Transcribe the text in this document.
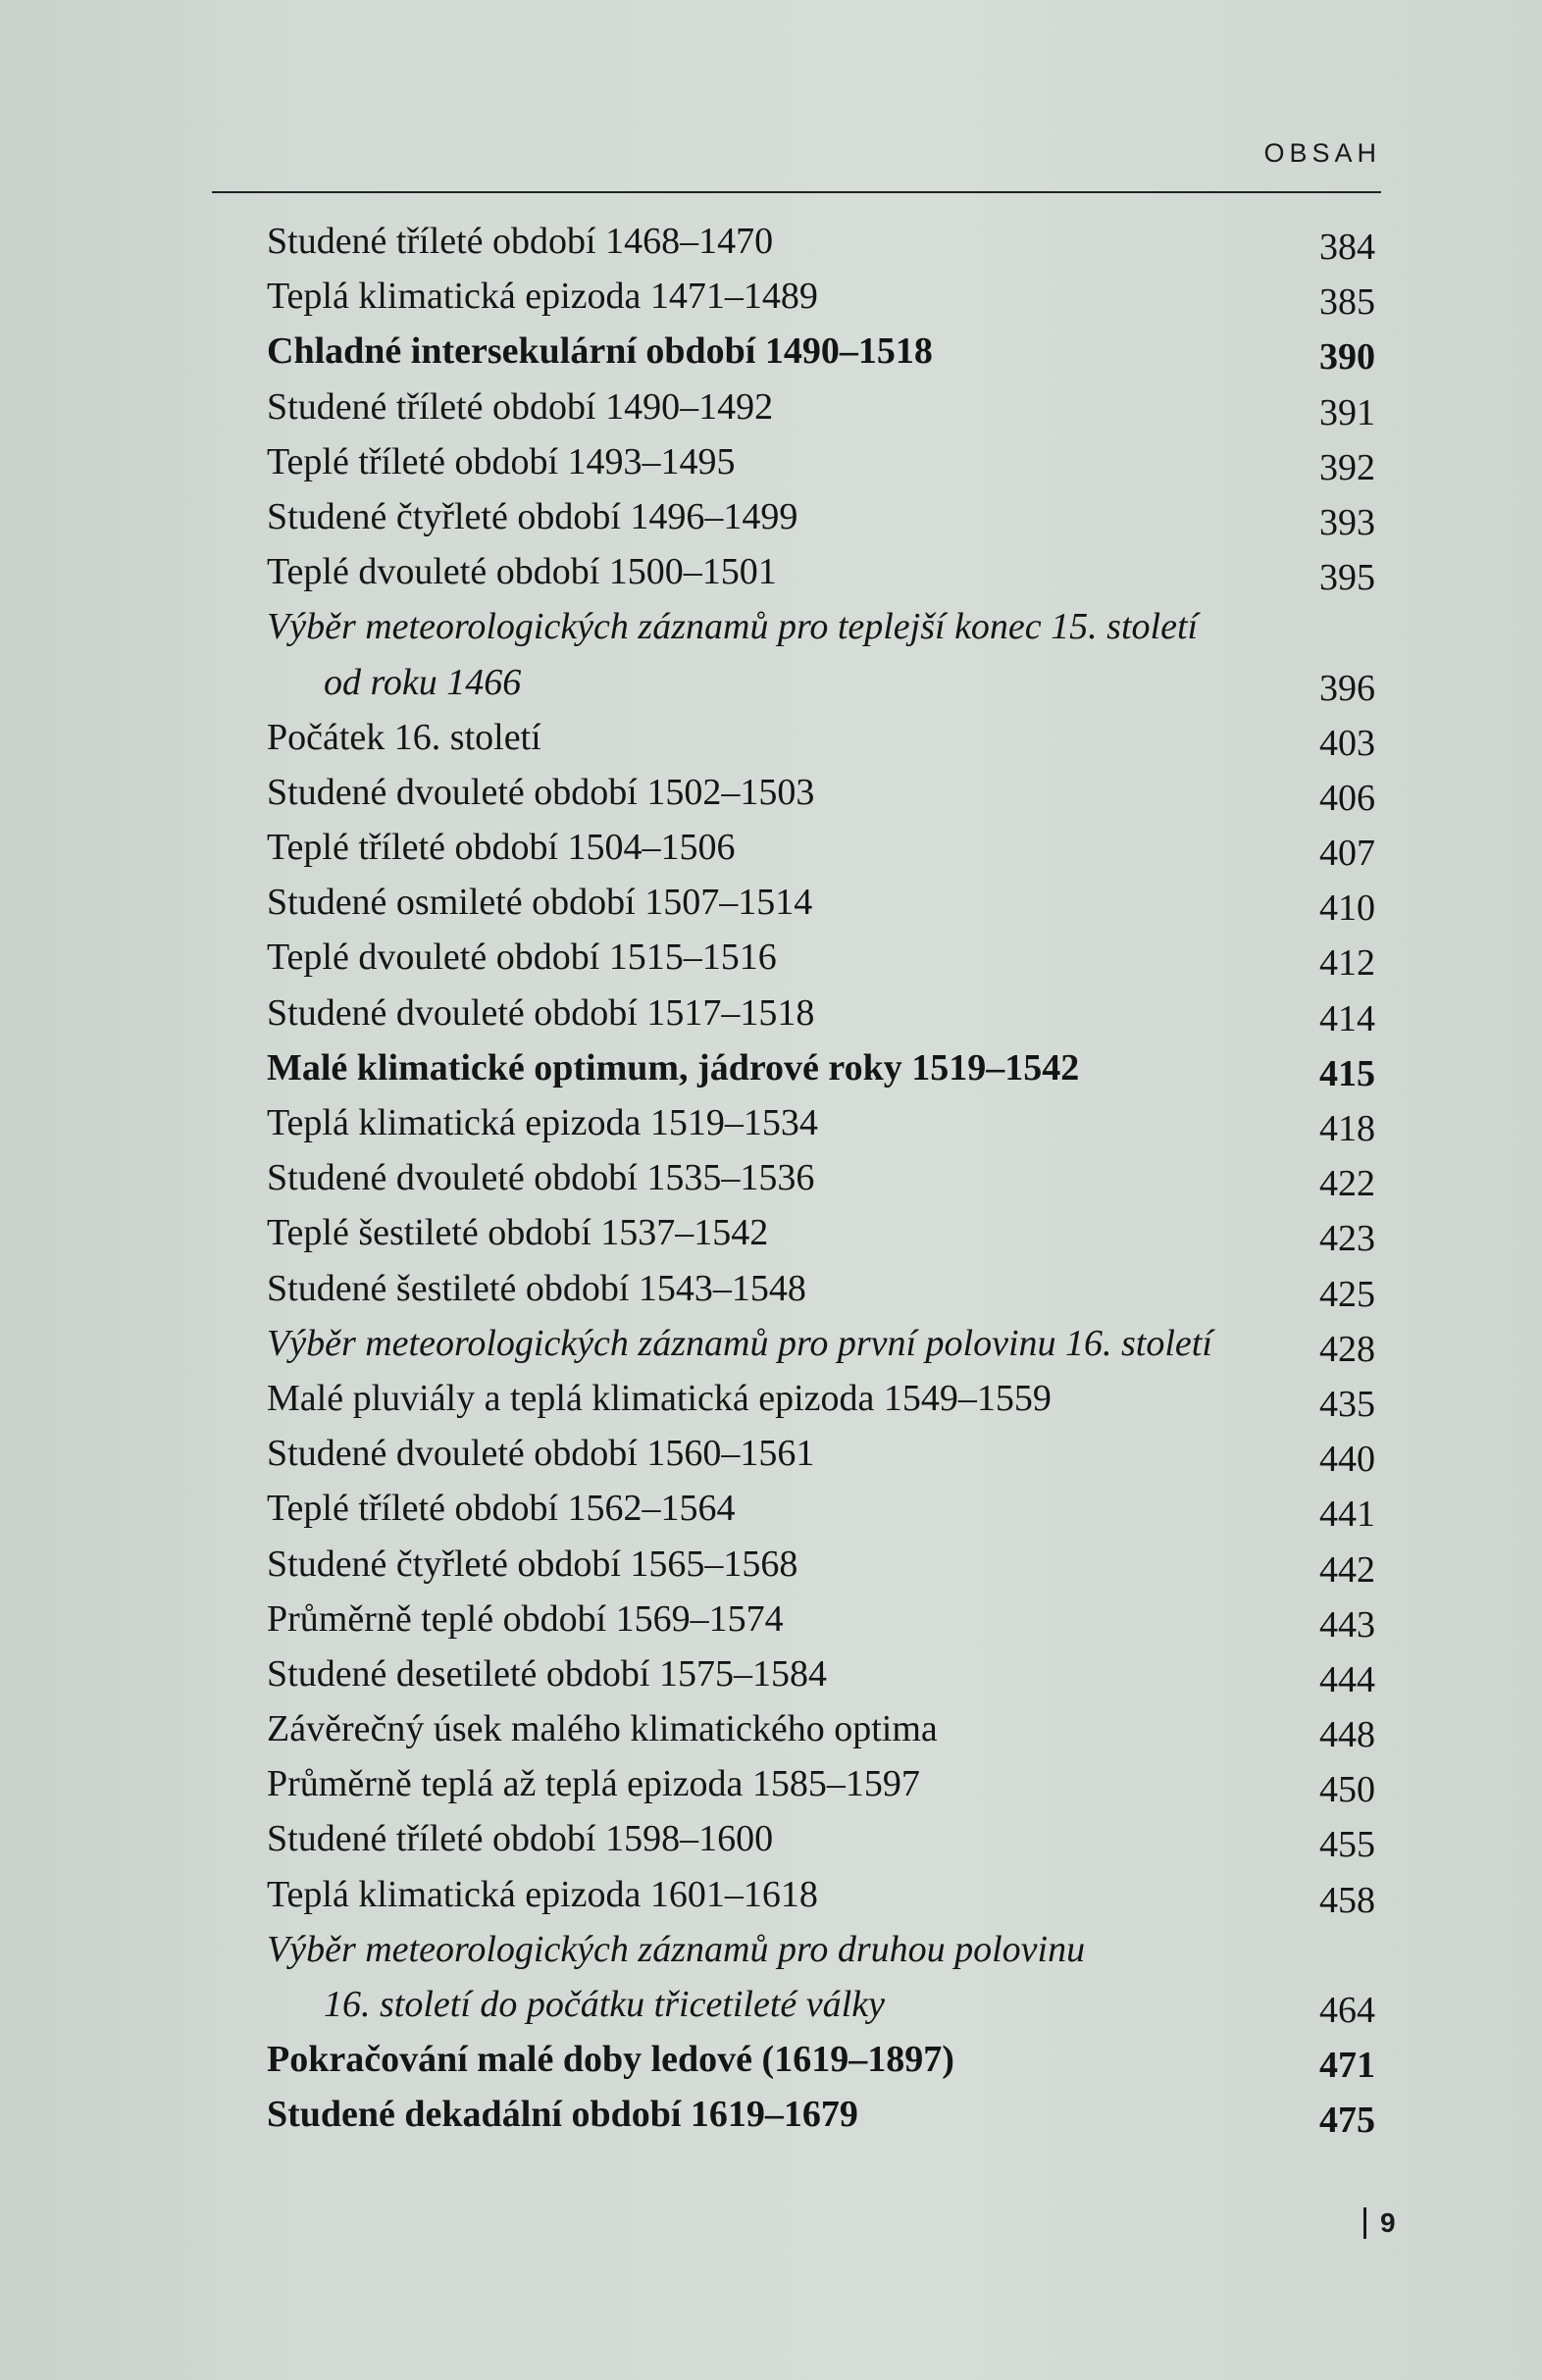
OBSAH
Studené tříleté období 1468–1470	384
Teplá klimatická epizoda 1471–1489	385
Chladné intersekulární období 1490–1518	390
Studené tříleté období 1490–1492	391
Teplé tříleté období 1493–1495	392
Studené čtyřleté období 1496–1499	393
Teplé dvouleté období 1500–1501	395
Výběr meteorologických záznamů pro teplejší konec 15. století
od roku 1466	396
Počátek 16. století	403
Studené dvouleté období 1502–1503	406
Teplé tříleté období 1504–1506	407
Studené osmileté období 1507–1514	410
Teplé dvouleté období 1515–1516	412
Studené dvouleté období 1517–1518	414
Malé klimatické optimum, jádrové roky 1519–1542	415
Teplá klimatická epizoda 1519–1534	418
Studené dvouleté období 1535–1536	422
Teplé šestileté období 1537–1542	423
Studené šestileté období 1543–1548	425
Výběr meteorologických záznamů pro první polovinu 16. století	428
Malé pluviály a teplá klimatická epizoda 1549–1559	435
Studené dvouleté období 1560–1561	440
Teplé tříleté období 1562–1564	441
Studené čtyřleté období 1565–1568	442
Průměrně teplé období 1569–1574	443
Studené desetileté období 1575–1584	444
Závěrečný úsek malého klimatického optima	448
Průměrně teplá až teplá epizoda 1585–1597	450
Studené tříleté období 1598–1600	455
Teplá klimatická epizoda 1601–1618	458
Výběr meteorologických záznamů pro druhou polovinu
16. století do počátku třicetileté války	464
Pokračování malé doby ledové (1619–1897)	471
Studené dekadální období 1619–1679	475
9
